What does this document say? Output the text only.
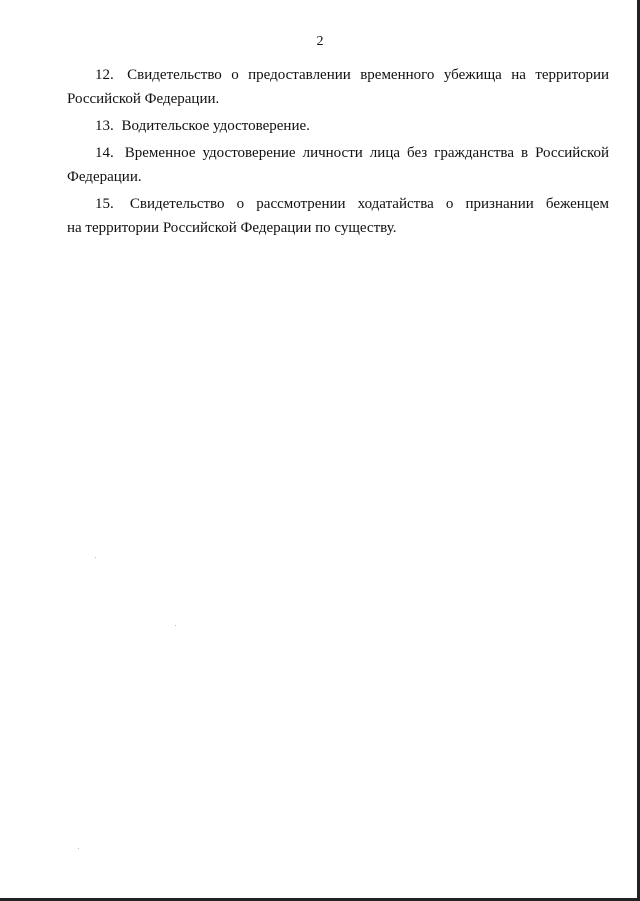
2

12. Свидетельство о предоставлении временного убежища на территории
Российской Федерации.

13. Водительское удостоверение.

14. Временное удостоверение личности лица без гражданства в Российской
Федерации.

15. Свидетельство о рассмотрении ходатайства о признании беженцем
на территории Российской Федерации по существу.
